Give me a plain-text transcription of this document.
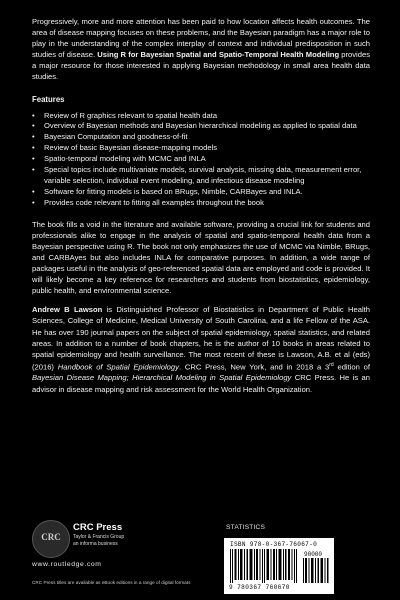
Progressively, more and more attention has been paid to how location affects health outcomes. The area of disease mapping focuses on these problems, and the Bayesian paradigm has a major role to play in the understanding of the complex interplay of context and individual predisposition in such studies of disease. Using R for Bayesian Spatial and Spatio-Temporal Health Modeling provides a major resource for those interested in applying Bayesian methodology in small area health data studies.

Features
• Review of R graphics relevant to spatial health data
• Overview of Bayesian methods and Bayesian hierarchical modeling as applied to spatial data
• Bayesian Computation and goodness-of-fit
• Review of basic Bayesian disease-mapping models
• Spatio-temporal modeling with MCMC and INLA
• Special topics include multivariate models, survival analysis, missing data, measurement error, variable selection, individual event modeling, and infectious disease modeling
• Software for fitting models is based on BRugs, Nimble, CARBayes and INLA.
• Provides code relevant to fitting all examples throughout the book

The book fills a void in the literature and available software, providing a crucial link for students and professionals alike to engage in the analysis of spatial and spatio-temporal health data from a Bayesian perspective using R. The book not only emphasizes the use of MCMC via Nimble, BRugs, and CARBAyes but also includes INLA for comparative purposes. In addition, a wide range of packages useful in the analysis of geo-referenced spatial data are employed and code is provided. It will likely become a key reference for researchers and students from biostatistics, epidemiology, public health, and environmental science.

Andrew B Lawson is Distinguished Professor of Biostatistics in Department of Public Health Sciences, College of Medicine, Medical University of South Carolina, and a life Fellow of the ASA. He has over 190 journal papers on the subject of spatial epidemiology, spatial statistics, and related areas. In addition to a number of book chapters, he is the author of 10 books in areas related to spatial epidemiology and health surveillance. The most recent of these is Lawson, A.B. et al (eds) (2016) Handbook of Spatial Epidemiology. CRC Press, New York, and in 2018 a 3rd edition of Bayesian Disease Mapping; Hierarchical Modeling in Spatial Epidemiology CRC Press. He is an advisor in disease mapping and risk assessment for the World Health Organization.

CRC
CRC Press
Taylor & Francis Group
an informa business
www.routledge.com
CRC Press titles are available as eBook editions in a range of digital formats
STATISTICS
ISBN 978-0-367-76067-0
90000
9 780367 760670
